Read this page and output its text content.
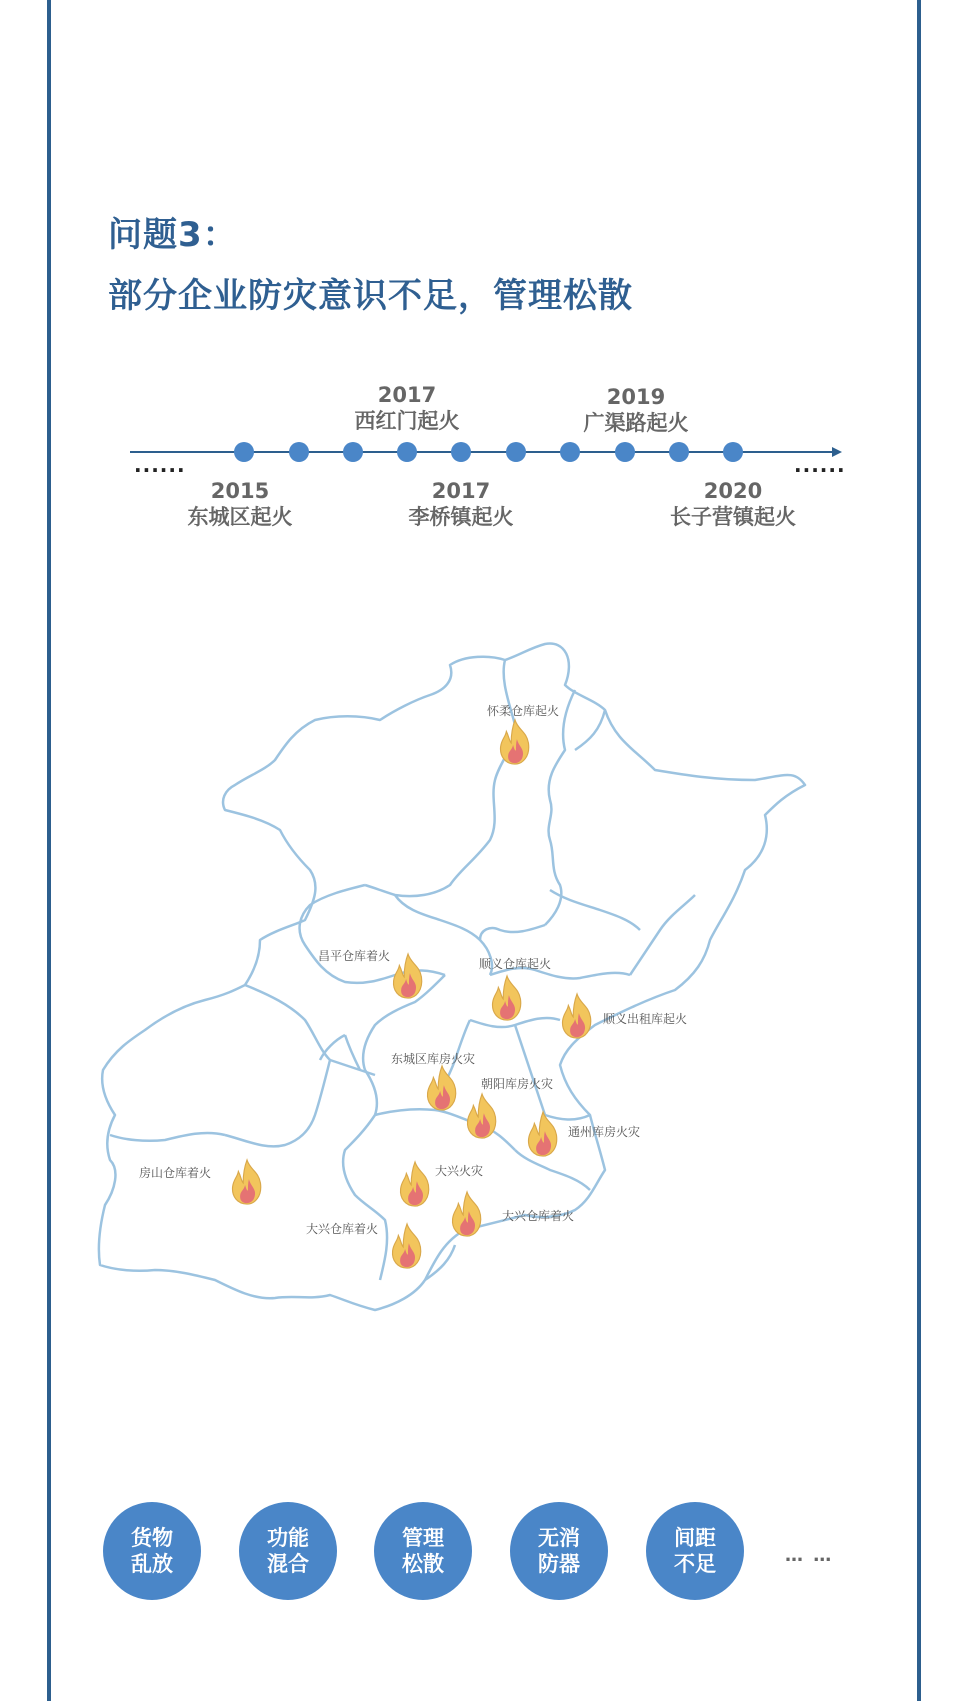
问题3：
部分企业防灾意识不足，管理松散
······	······
2017
西红门起火
2019
广渠路起火
2015
东城区起火
2017
李桥镇起火
2020
长子营镇起火
怀柔仓库起火
昌平仓库着火
顺义仓库起火
顺义出租库起火
东城区库房火灾
朝阳库房火灾
通州库房火灾
房山仓库着火	大兴火灾
大兴仓库着火
大兴仓库着火
货物
乱放
功能
混合
管理
松散
无消
防器
间距
不足	… …
